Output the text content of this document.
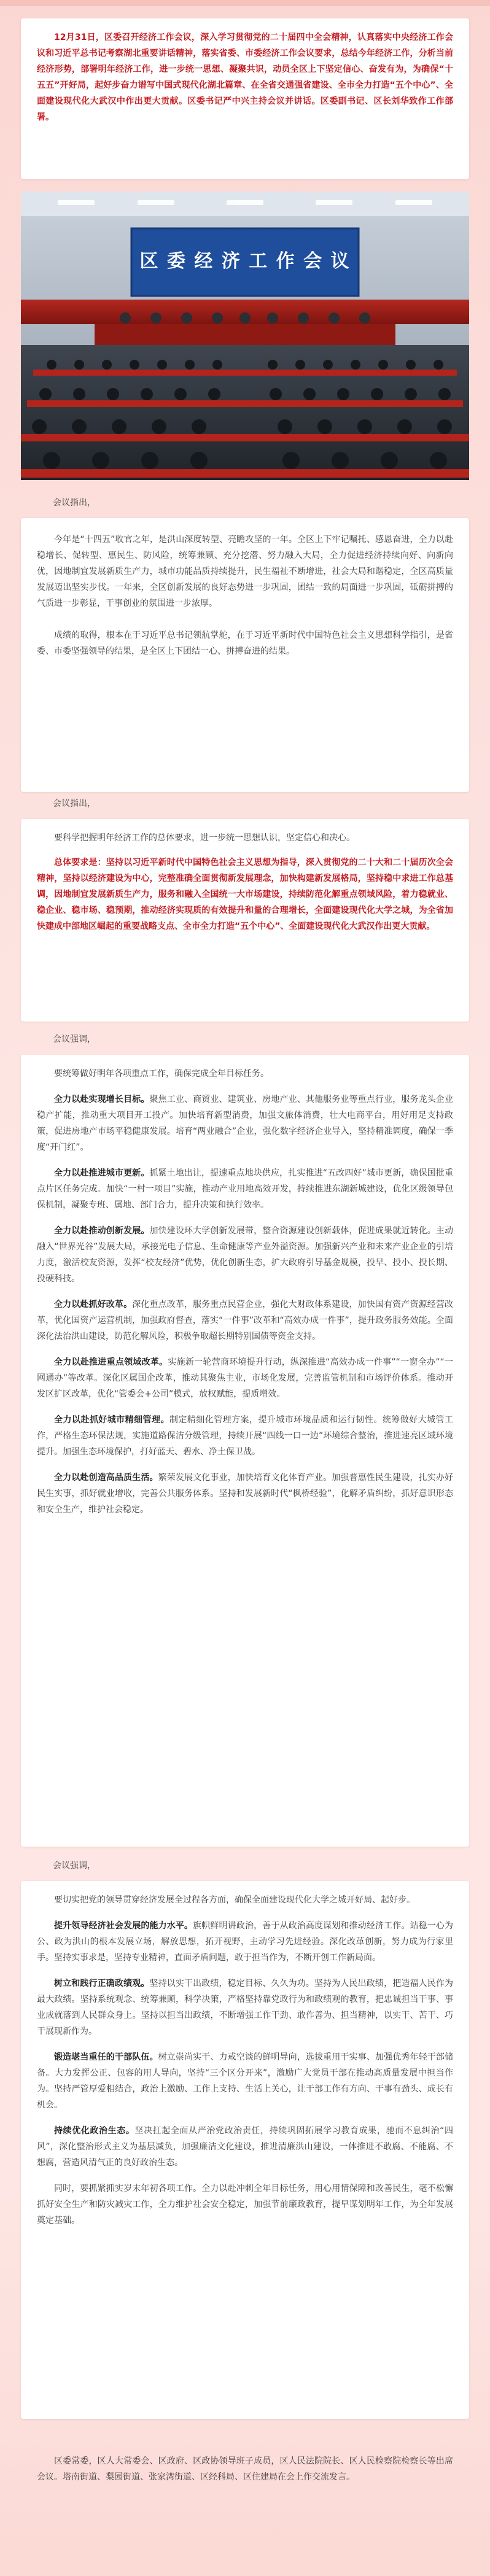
12月31日，区委召开经济工作会议，深入学习贯彻党的二十届四中全会精神，认真落实中央经济工作会议和习近平总书记考察湖北重要讲话精神，落实省委、市委经济工作会议要求，总结今年经济工作，分析当前经济形势，部署明年经济工作，进一步统一思想、凝聚共识，动员全区上下坚定信心、奋发有为，为确保“十五五”开好局，起好步奋力谱写中国式现代化湖北篇章、在全省交通强省建设、全市全力打造“五个中心”、全面建设现代化大武汉中作出更大贡献。区委书记严中兴主持会议并讲话。区委副书记、区长刘华致作工作部署。

区 委 经 济 工 作 会 议
会议指出，

今年是“十四五”收官之年，是洪山深度转型、亮瞻攻坚的一年。全区上下牢记嘱托、感恩奋进，全力以赴稳增长、促转型、惠民生、防风险，统筹兼顾、充分挖潜、努力融入大局，全力促进经济持续向好、向新向优，因地制宜发展新质生产力，城市功能品质持续提升，民生福祉不断增进，社会大局和谐稳定，全区高质量发展迈出坚实步伐。一年来，全区创新发展的良好态势进一步巩固，团结一致的局面进一步巩固，砥砺拼搏的气质进一步彰显，干事创业的氛围进一步浓厚。

成绩的取得，根本在于习近平总书记领航掌舵，在于习近平新时代中国特色社会主义思想科学指引，是省委、市委坚强领导的结果，是全区上下团结一心、拼搏奋进的结果。

会议指出，

要科学把握明年经济工作的总体要求，进一步统一思想认识，坚定信心和决心。

总体要求是：坚持以习近平新时代中国特色社会主义思想为指导，深入贯彻党的二十大和二十届历次全会精神，坚持以经济建设为中心，完整准确全面贯彻新发展理念，加快构建新发展格局，坚持稳中求进工作总基调，因地制宜发展新质生产力，服务和融入全国统一大市场建设，持续防范化解重点领域风险，着力稳就业、稳企业、稳市场、稳预期，推动经济实现质的有效提升和量的合理增长，全面建设现代化大学之城，为全省加快建成中部地区崛起的重要战略支点、全市全力打造“五个中心”、全面建设现代化大武汉作出更大贡献。

会议强调，

要统筹做好明年各项重点工作，确保完成全年目标任务。

全力以赴实现增长目标。聚焦工业、商贸业、建筑业、房地产业、其他服务业等重点行业，服务龙头企业稳产扩能，推动重大项目开工投产。加快培育新型消费，加强文旅体消费，壮大电商平台，用好用足支持政策，促进房地产市场平稳健康发展。培育“两业融合”企业，强化数字经济企业导入，坚持精准调度，确保一季度“开门红”。

全力以赴推进城市更新。抓紧土地出让，提速重点地块供应，扎实推进“五改四好”城市更新，确保国批重点片区任务完成。加快“一村一项目”实施，推动产业用地高效开发，持续推进东湖新城建设，优化区级领导包保机制，凝聚专班、属地、部门合力，提升决策和执行效率。

全力以赴推动创新发展。加快建设环大学创新发展带，整合资源建设创新载体，促进成果就近转化。主动融入“世界光谷”发展大局，承接光电子信息、生命健康等产业外溢资源。加强新兴产业和未来产业企业的引培力度，激活校友资源，发挥“校友经济”优势，优化创新生态，扩大政府引导基金规模，投早、投小、投长期、投硬科技。

全力以赴抓好改革。深化重点改革，服务重点民营企业，强化大财政体系建设，加快国有资产资源经营改革，优化国资产运营机制，加强政府督查，落实“一件事”改革和“高效办成一件事”，提升政务服务效能。全面深化法治洪山建设，防范化解风险，积极争取超长期特别国债等资金支持。

全力以赴推进重点领域改革。实施新一轮营商环境提升行动，纵深推进“高效办成一件事”“一窗全办”“一网通办”等改革。深化区属国企改革，推动其聚焦主业，市场化发展，完善监管机制和市场评价体系。推动开发区扩区改革，优化“管委会+公司”模式，放权赋能，提质增效。

全力以赴抓好城市精细管理。制定精细化管理方案，提升城市环境品质和运行韧性。统筹做好大城管工作，严格生态环保法规，实施道路保洁分级管理，持续开展“四线一口一边”环境综合整治，推进速亮区域环境提升。加强生态环境保护，打好蓝天、碧水、净土保卫战。

全力以赴创造高品质生活。繁荣发展文化事业，加快培育文化体育产业。加强普惠性民生建设，扎实办好民生实事，抓好就业增收，完善公共服务体系。坚持和发展新时代“枫桥经验”，化解矛盾纠纷，抓好意识形态和安全生产，维护社会稳定。

会议强调，

要切实把党的领导贯穿经济发展全过程各方面，确保全面建设现代化大学之城开好局、起好步。

提升领导经济社会发展的能力水平。旗帜鲜明讲政治，善于从政治高度谋划和推动经济工作。站稳一心为公、政为洪山的根本发展立场，解放思想，拓开视野，主动学习先进经验。深化改革创新，努力成为行家里手。坚持实事求是，坚持专业精神，直面矛盾问题，敢于担当作为，不断开创工作新局面。

树立和践行正确政绩观。坚持以实干出政绩，稳定目标、久久为功。坚持为人民出政绩，把造福人民作为最大政绩。坚持系统观念、统筹兼顾，科学决策，严格坚持靠党政行为和政绩观的教育，把忠诚担当干事、事业成就落到人民群众身上。坚持以担当出政绩，不断增强工作干劲、敢作善为、担当精神，以实干、苦干、巧干展现新作为。

锻造堪当重任的干部队伍。树立崇尚实干、力戒空谈的鲜明导向，选拔重用干实事、加强优秀年轻干部储备。大力发挥公正、包容的用人导向，坚持“三个区分开来”，激励广大党员干部在推动高质量发展中担当作为。坚持严管厚爱相结合，政治上激励、工作上支持、生活上关心，让干部工作有方向、干事有劲头、成长有机会。

持续优化政治生态。坚决扛起全面从严治党政治责任，持续巩固拓展学习教育成果，驰而不息纠治“四风”，深化整治形式主义为基层减负，加强廉洁文化建设，推进清廉洪山建设，一体推进不敢腐、不能腐、不想腐，营造风清气正的良好政治生态。

同时，要抓紧抓实岁末年初各项工作。全力以赴冲刺全年目标任务，用心用情保障和改善民生，毫不松懈抓好安全生产和防灾减灾工作，全力维护社会安全稳定，加强节前廉政教育，提早谋划明年工作，为全年发展奠定基础。

区委常委，区人大常委会、区政府、区政协领导班子成员，区人民法院院长、区人民检察院检察长等出席会议。塔南街道、梨园街道、张家湾街道、区经科局、区住建局在会上作交流发言。
